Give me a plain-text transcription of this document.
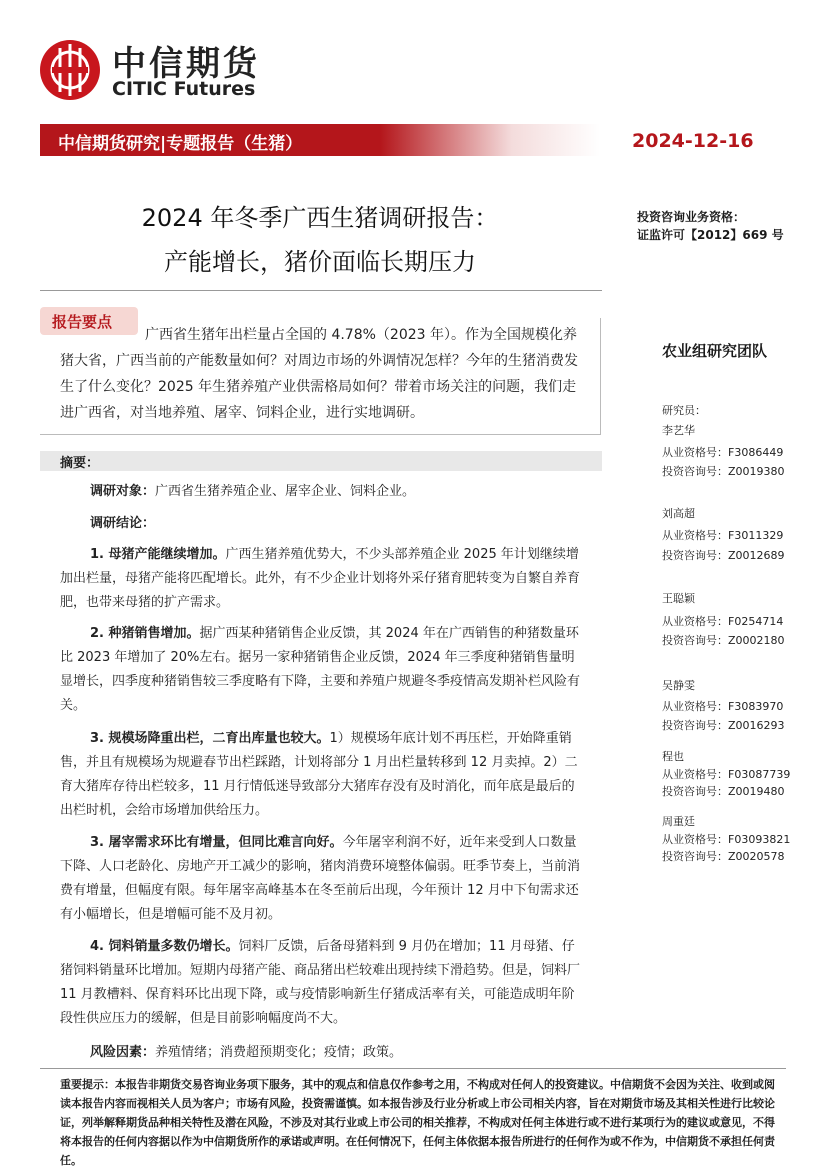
中信期货
CITIC Futures
中信期货研究|专题报告（生猪）	2024-12-16
2024 年冬季广西生猪调研报告：
产能增长，猪价面临长期压力
投资咨询业务资格：
证监许可【2012】669 号
报告要点
广西省生猪年出栏量占全国的 4.78%（2023 年）。作为全国规模化养猪大省，广西当前的产能数量如何？对周边市场的外调情况怎样？今年的生猪消费发生了什么变化？2025 年生猪养殖产业供需格局如何？带着市场关注的问题，我们走进广西省，对当地养殖、屠宰、饲料企业，进行实地调研。
摘要：
调研对象：广西省生猪养殖企业、屠宰企业、饲料企业。
调研结论：
1. 母猪产能继续增加。广西生猪养殖优势大，不少头部养殖企业 2025 年计划继续增加出栏量，母猪产能将匹配增长。此外，有不少企业计划将外采仔猪育肥转变为自繁自养育肥，也带来母猪的扩产需求。
2. 种猪销售增加。据广西某种猪销售企业反馈，其 2024 年在广西销售的种猪数量环比 2023 年增加了 20%左右。据另一家种猪销售企业反馈，2024 年三季度种猪销售量明显增长，四季度种猪销售较三季度略有下降，主要和养殖户规避冬季疫情高发期补栏风险有关。
3. 规模场降重出栏，二育出库量也较大。1）规模场年底计划不再压栏，开始降重销售，并且有规模场为规避春节出栏踩踏，计划将部分 1 月出栏量转移到 12 月卖掉。2）二育大猪库存待出栏较多，11 月行情低迷导致部分大猪库存没有及时消化，而年底是最后的出栏时机，会给市场增加供给压力。
3. 屠宰需求环比有增量，但同比难言向好。今年屠宰利润不好，近年来受到人口数量下降、人口老龄化、房地产开工减少的影响，猪肉消费环境整体偏弱。旺季节奏上，当前消费有增量，但幅度有限。每年屠宰高峰基本在冬至前后出现，今年预计 12 月中下旬需求还有小幅增长，但是增幅可能不及月初。
4. 饲料销量多数仍增长。饲料厂反馈，后备母猪料到 9 月仍在增加；11 月母猪、仔猪饲料销量环比增加。短期内母猪产能、商品猪出栏较难出现持续下滑趋势。但是，饲料厂 11 月教槽料、保育料环比出现下降，或与疫情影响新生仔猪成活率有关，可能造成明年阶段性供应压力的缓解，但是目前影响幅度尚不大。
风险因素：养殖情绪；消费超预期变化；疫情；政策。
农业组研究团队
研究员：
李艺华
从业资格号：F3086449
投资咨询号：Z0019380
刘高超
从业资格号：F3011329
投资咨询号：Z0012689
王聪颖
从业资格号：F0254714
投资咨询号：Z0002180
吴静雯
从业资格号：F3083970
投资咨询号：Z0016293
程也
从业资格号：F03087739
投资咨询号：Z0019480
周重廷
从业资格号：F03093821
投资咨询号：Z0020578
重要提示：本报告非期货交易咨询业务项下服务，其中的观点和信息仅作参考之用，不构成对任何人的投资建议。中信期货不会因为关注、收到或阅读本报告内容而视相关人员为客户；市场有风险，投资需谨慎。如本报告涉及行业分析或上市公司相关内容，旨在对期货市场及其相关性进行比较论证，列举解释期货品种相关特性及潜在风险，不涉及对其行业或上市公司的相关推荐，不构成对任何主体进行或不进行某项行为的建议或意见，不得将本报告的任何内容据以作为中信期货所作的承诺或声明。在任何情况下，任何主体依据本报告所进行的任何作为或不作为，中信期货不承担任何责任。
